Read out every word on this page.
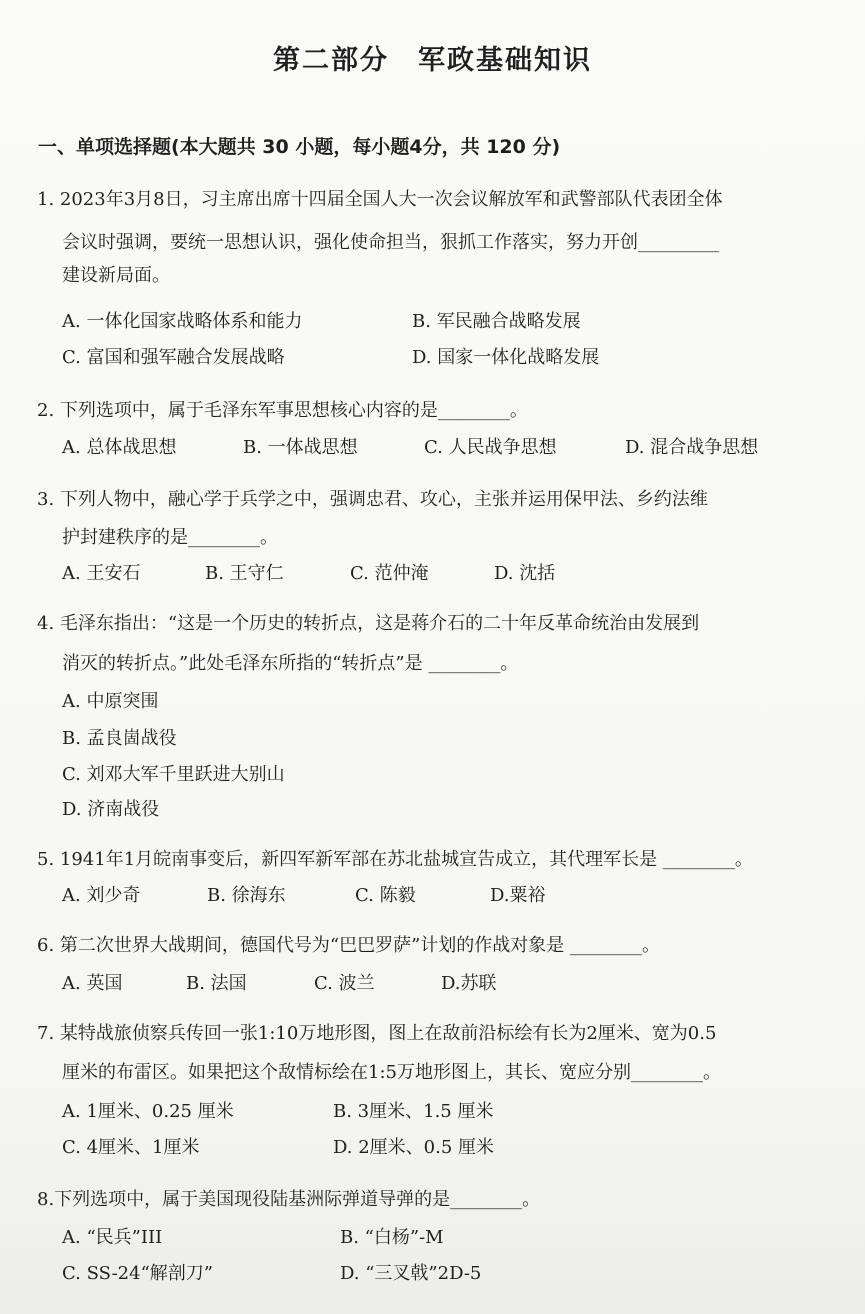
第二部分　军政基础知识
一、单项选择题(本大题共 30 小题，每小题4分，共 120 分)
1. 2023年3月8日，习主席出席十四届全国人大一次会议解放军和武警部队代表团全体
会议时强调，要统一思想认识，强化使命担当，狠抓工作落实，努力开创_________
建设新局面。
A. 一体化国家战略体系和能力	B. 军民融合战略发展
C. 富国和强军融合发展战略	D. 国家一体化战略发展
2. 下列选项中，属于毛泽东军事思想核心内容的是________。
A. 总体战思想	B. 一体战思想	C. 人民战争思想	D. 混合战争思想
3. 下列人物中，融心学于兵学之中，强调忠君、攻心，主张并运用保甲法、乡约法维
护封建秩序的是________。
A. 王安石	B. 王守仁	C. 范仲淹	D. 沈括
4. 毛泽东指出：“这是一个历史的转折点，这是蒋介石的二十年反革命统治由发展到
消灭的转折点。”此处毛泽东所指的“转折点”是 ________。
A. 中原突围
B. 孟良崮战役
C. 刘邓大军千里跃进大别山
D. 济南战役
5. 1941年1月皖南事变后，新四军新军部在苏北盐城宣告成立，其代理军长是 ________。
A. 刘少奇	B. 徐海东	C. 陈毅	D.粟裕
6. 第二次世界大战期间，德国代号为“巴巴罗萨”计划的作战对象是 ________。
A. 英国	B. 法国	C. 波兰	D.苏联
7. 某特战旅侦察兵传回一张1:10万地形图，图上在敌前沿标绘有长为2厘米、宽为0.5
厘米的布雷区。如果把这个敌情标绘在1:5万地形图上，其长、宽应分别________。
A. 1厘米、0.25 厘米	B. 3厘米、1.5 厘米
C. 4厘米、1厘米	D. 2厘米、0.5 厘米
8.下列选项中，属于美国现役陆基洲际弹道导弹的是________。
A. “民兵”III	B. “白杨”-M
C. SS-24“解剖刀”	D. “三叉戟”2D-5
